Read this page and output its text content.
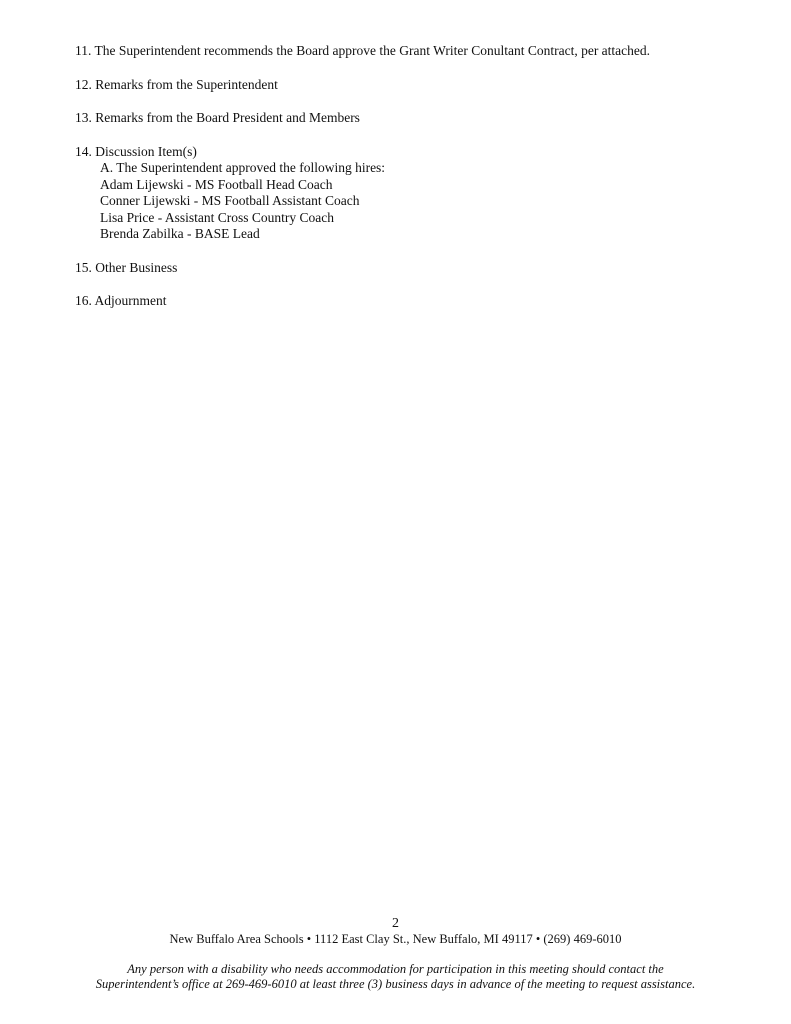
11. The Superintendent recommends the Board approve the Grant Writer Conultant Contract, per attached.
12. Remarks from the Superintendent
13. Remarks from the Board President and Members
14. Discussion Item(s)
A. The Superintendent approved the following hires:
Adam Lijewski - MS Football Head Coach
Conner Lijewski - MS Football Assistant Coach
Lisa Price - Assistant Cross Country Coach
Brenda Zabilka - BASE Lead
15. Other Business
16. Adjournment
2
New Buffalo Area Schools • 1112 East Clay St., New Buffalo, MI 49117 • (269) 469-6010
Any person with a disability who needs accommodation for participation in this meeting should contact the
Superintendent’s office at 269-469-6010 at least three (3) business days in advance of the meeting to request assistance.
